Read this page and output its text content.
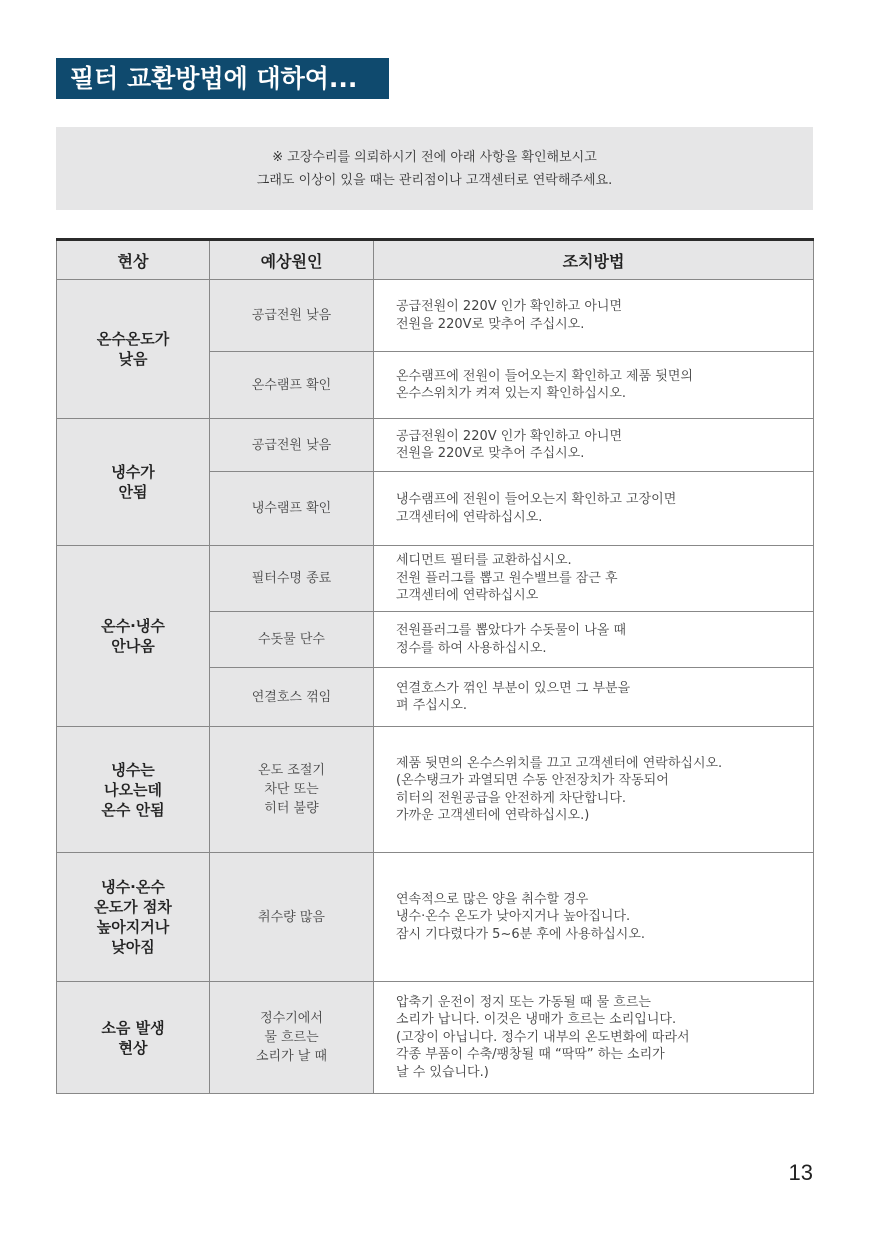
필터 교환방법에 대하여...
※ 고장수리를 의뢰하시기 전에 아래 사항을 확인해보시고
그래도 이상이 있을 때는 관리점이나 고객센터로 연락해주세요.
현상	예상원인	조치방법

온수온도가
낮음	공급전원 낮음	공급전원이 220V 인가 확인하고 아니면
전원을 220V로 맞추어 주십시오.

	온수램프 확인	온수램프에 전원이 들어오는지 확인하고 제품 뒷면의
온수스위치가 켜져 있는지 확인하십시오.

냉수가
안됨	공급전원 낮음	공급전원이 220V 인가 확인하고 아니면
전원을 220V로 맞추어 주십시오.

	냉수램프 확인	냉수램프에 전원이 들어오는지 확인하고 고장이면
고객센터에 연락하십시오.

온수·냉수
안나옴	필터수명 종료	세디먼트 필터를 교환하십시오.
전원 플러그를 뽑고 원수밸브를 잠근 후
고객센터에 연락하십시오

	수돗물 단수	전원플러그를 뽑았다가 수돗물이 나올 때
정수를 하여 사용하십시오.

	연결호스 꺾임	연결호스가 꺾인 부분이 있으면 그 부분을
펴 주십시오.

냉수는
나오는데
온수 안됨	온도 조절기
차단 또는
히터 불량	제품 뒷면의 온수스위치를 끄고 고객센터에 연락하십시오.
(온수탱크가 과열되면 수동 안전장치가 작동되어
히터의 전원공급을 안전하게 차단합니다.
가까운 고객센터에 연락하십시오.)

냉수·온수
온도가 점차
높아지거나
낮아짐	취수량 많음	연속적으로 많은 양을 취수할 경우
냉수·온수 온도가 낮아지거나 높아집니다.
잠시 기다렸다가 5~6분 후에 사용하십시오.

소음 발생
현상	정수기에서
물 흐르는
소리가 날 때	압축기 운전이 정지 또는 가동될 때 물 흐르는
소리가 납니다. 이것은 냉매가 흐르는 소리입니다.
(고장이 아닙니다. 정수기 내부의 온도변화에 따라서
각종 부품이 수축/팽창될 때 “딱딱” 하는 소리가
날 수 있습니다.)
13
